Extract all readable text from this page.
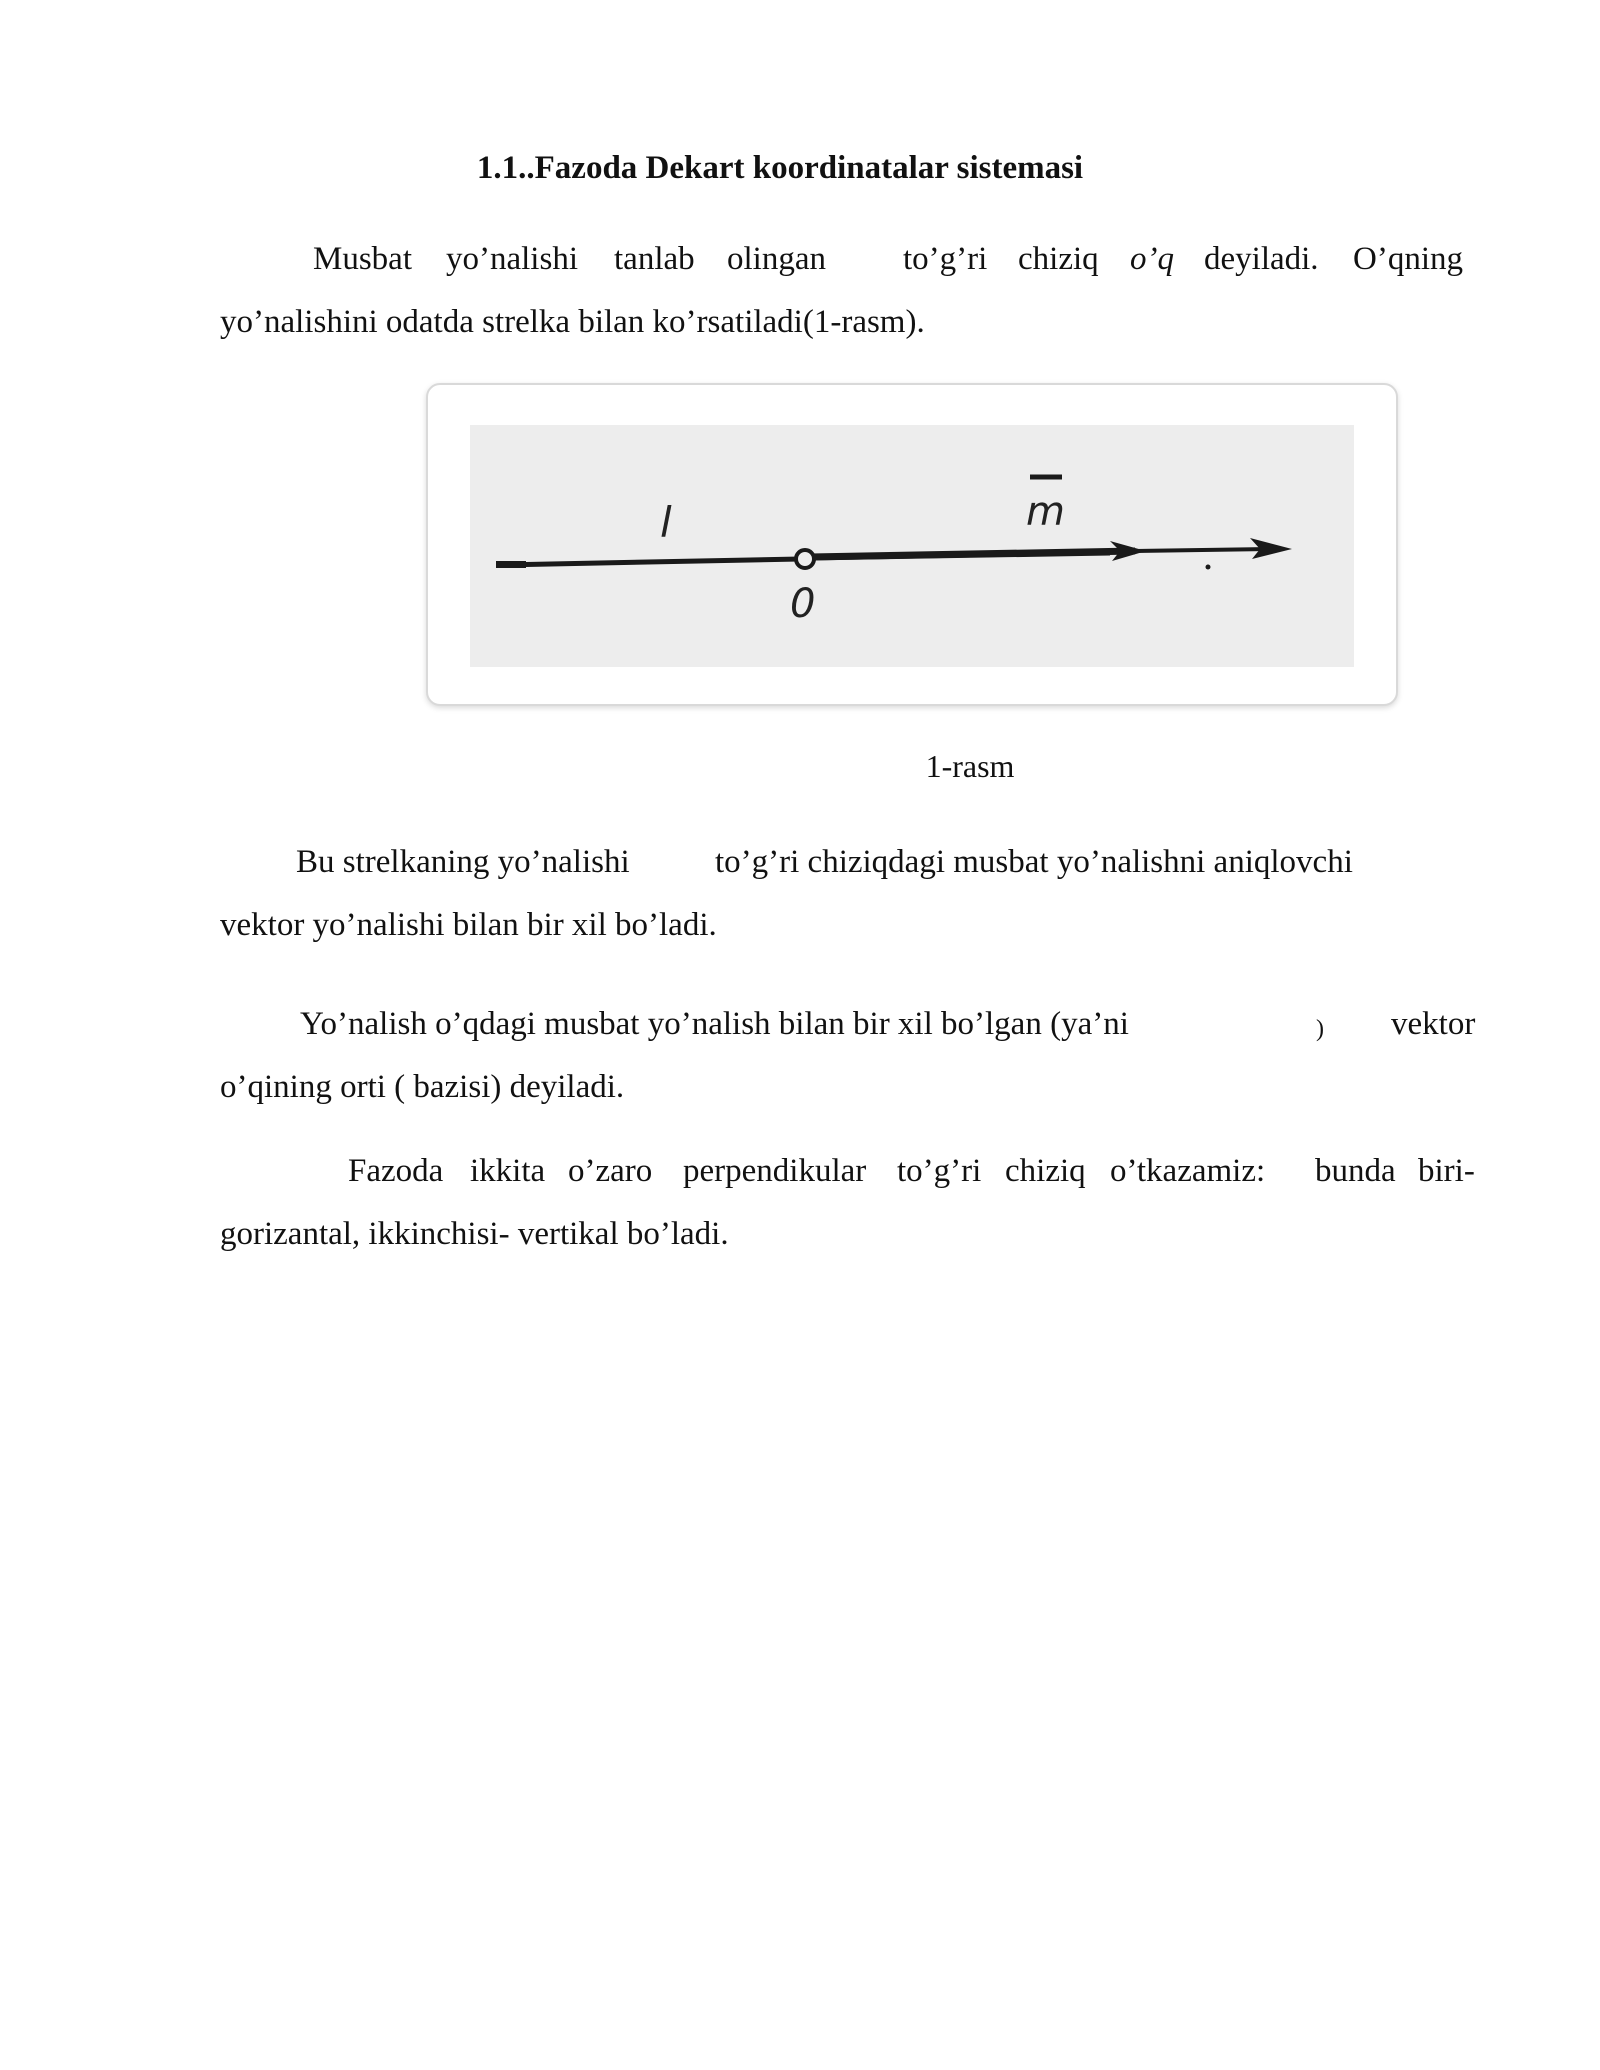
1.1..Fazoda Dekart koordinatalar sistemasi
Musbat yo’nalishi tanlab olingan to’g’ri chiziq o’q deyiladi. O’qning
yo’nalishini odatda strelka bilan ko’rsatiladi(1-rasm).
l
0
m
1-rasm
Bu strelkaning yo’nalishi	to’g’ri chiziqdagi musbat yo’nalishni aniqlovchi
vektor yo’nalishi bilan bir xil bo’ladi.
Yo’nalish o’qdagi musbat yo’nalish bilan bir xil bo’lgan (ya’ni	) vektor
o’qining orti ( bazisi) deyiladi.
Fazoda ikkita o’zaro perpendikular to’g’ri chiziq o’tkazamiz: bunda biri-
gorizantal, ikkinchisi- vertikal bo’ladi.
